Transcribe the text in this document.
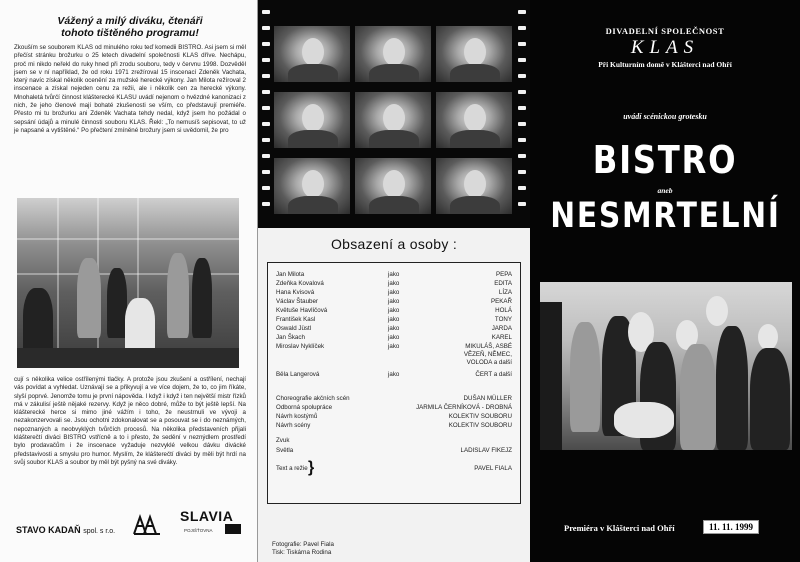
Vážený a milý diváku, čtenáři
tohoto tištěného programu!

Zkouším se souborem KLAS od minulého roku teď komedii BISTRO. Asi jsem si měl přečíst stránku brožurku o 25 letech divadelní společnosti KLAS dříve. Nechápu, proč mi nikdo neřekl do ruky hned při zrodu souboru, tedy v červnu 1998. Dozvěděl jsem se v ní například, že od roku 1971 zrežíroval 15 inscenací Zdeněk Vachata, který navíc získal několik ocenění za mužské herecké výkony. Jan Milota režíroval 2 inscenace a získal nejeden cenu za režii, ale i několik cen za herecké výkony. Mnohaletá tvůrčí činnost klášterecké KLASU uvádí nejenom o hvězdné kanonizaci z nich, že jeho členové mají bohaté zkušenosti se vším, co představují premiéře. Přesto mi tu brožurku ani Zdeněk Vachata tehdy nedal, když jsem ho požádal o sepsání údajů a minulé činnosti souboru KLAS. Řekl: „To nemusíš sepisovat, to už je napsané a vytištěné.“ Po přečtení zmíněné brožury jsem si uvědomil, že pro

cují s několika velice ostřílenými tlačky. A protože jsou zkušení a ostřílení, nechají vás povídat a vyhledat. Uznávají se a přikyvují a ve více dojem, že to, co jim říkáte, slyší poprvé. Jenomže tomu je první nápověda. I když i když i ten největší mistr řízků má v zákulisí ještě nějaké rezervy. Když je něco dobré, může to být ještě lepší. Na klášterecké herce si mimo jiné vážím i toho, že neustrnuli ve vývoji a nezakonzervovali se. Jsou ochotni zdokonalovat se a posouvat se i do neznámých, nepoznaných a neobvyklých tvůrčích procesů. Na několika představeních přijali klášterečtí diváci BISTRO vstřícně a to i přesto, že sedění v neznýdlem prostředí bylo prodavačům i že inscenace vyžaduje nezvyklé velkou dávku divácké představivosti a smyslu pro humor. Myslím, že klášterečtí diváci by měli být hrdí na svůj soubor KLAS a soubor by měl být pyšný na své diváky.

STAVO KADAŇ spol. s r.o.
SLAVIA
POJIŠŤOVNA
Obsazení a osoby :
Jan Milota	jako	PEPA
Zdeňka Kovalová	jako	EDITA
Hana Kvisová	jako	LÍZA
Václav Štauber	jako	PEKAŘ
Květuše Havlíčová	jako	HOLÁ
František Kasl	jako	TONY
Oswald Jüstl	jako	JARDA
Jan Škach	jako	KAREL
Miroslav Nyklíček	jako	MIKULÁŠ, ASBÉ
VĚZEŇ, NĚMEC,
VOLODA a další
Běla Langerová	jako	ČERT a další
Choreografie akčních scén	DUŠAN MÜLLER
Odborná spolupráce	JARMILA ČERNÍKOVÁ - DROBNÁ
Návrh kostýmů	KOLEKTIV SOUBORU
Návrh scény	KOLEKTIV SOUBORU
Zvuk
Světla	LADISLAV FIKEJZ
Text a režie	PAVEL FIALA
}
Fotografie: Pavel Fiala
Tisk: Tiskárna Rodina
DIVADELNÍ SPOLEČNOST
KLAS
Při Kulturním domě v Klášterci nad Ohří
uvádí scénickou grotesku
BISTRO
aneb
NESMRTELNÍ
Premiéra v Klášterci nad Ohří	11. 11. 1999
